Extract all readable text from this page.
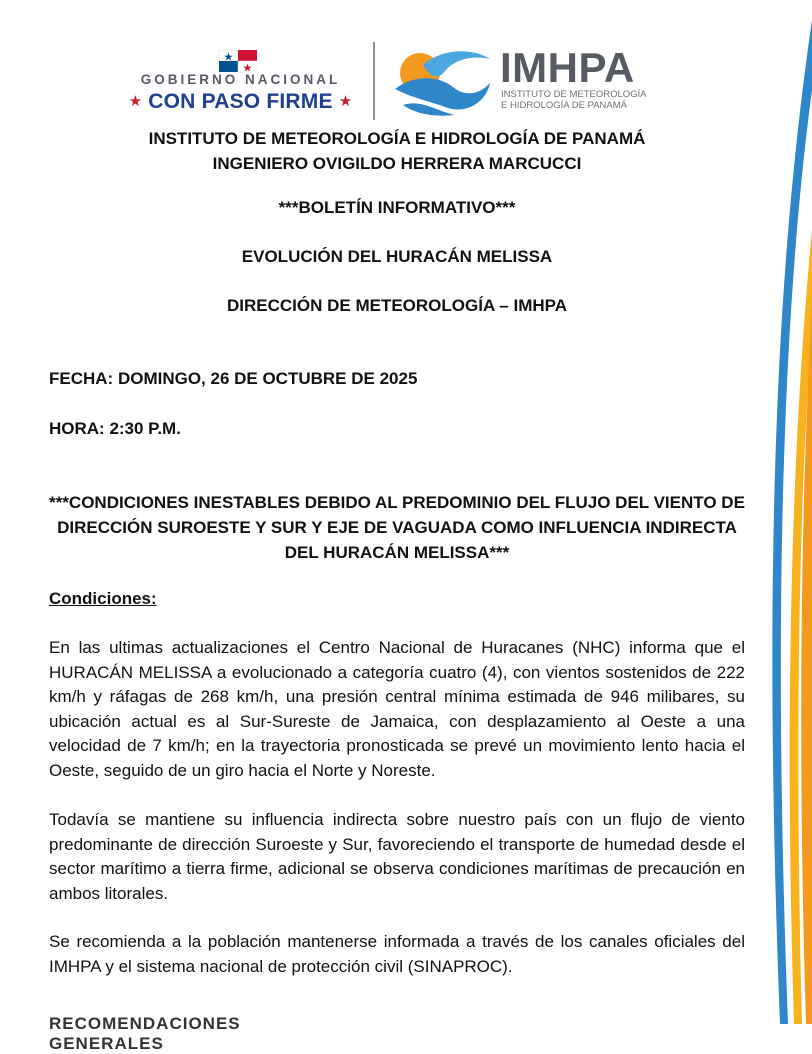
GOBIERNO NACIONAL
★ CON PASO FIRME ★
IMHPA
INSTITUTO DE METEOROLOGÍA
E HIDROLOGÍA DE PANAMÁ
INSTITUTO DE METEOROLOGÍA E HIDROLOGÍA DE PANAMÁ
INGENIERO OVIGILDO HERRERA MARCUCCI
***BOLETÍN INFORMATIVO***
EVOLUCIÓN DEL HURACÁN MELISSA
DIRECCIÓN DE METEOROLOGÍA – IMHPA
FECHA: DOMINGO, 26 DE OCTUBRE DE 2025
HORA: 2:30 P.M.
***CONDICIONES INESTABLES DEBIDO AL PREDOMINIO DEL FLUJO DEL VIENTO DE DIRECCIÓN SUROESTE Y SUR Y EJE DE VAGUADA COMO INFLUENCIA INDIRECTA DEL HURACÁN MELISSA***
Condiciones:
En las ultimas actualizaciones el Centro Nacional de Huracanes (NHC) informa que el HURACÁN MELISSA a evolucionado a categoría cuatro (4), con vientos sostenidos de 222 km/h y ráfagas de 268 km/h, una presión central mínima estimada de 946 milibares, su ubicación actual es al Sur-Sureste de Jamaica, con desplazamiento al Oeste a una velocidad de 7 km/h; en la trayectoria pronosticada se prevé un movimiento lento hacia el Oeste, seguido de un giro hacia el Norte y Noreste.
Todavía se mantiene su influencia indirecta sobre nuestro país con un flujo de viento predominante de dirección Suroeste y Sur, favoreciendo el transporte de humedad desde el sector marítimo a tierra firme, adicional se observa condiciones marítimas de precaución en ambos litorales.
Se recomienda a la población mantenerse informada a través de los canales oficiales del IMHPA y el sistema nacional de protección civil (SINAPROC).
RECOMENDACIONES GENERALES
